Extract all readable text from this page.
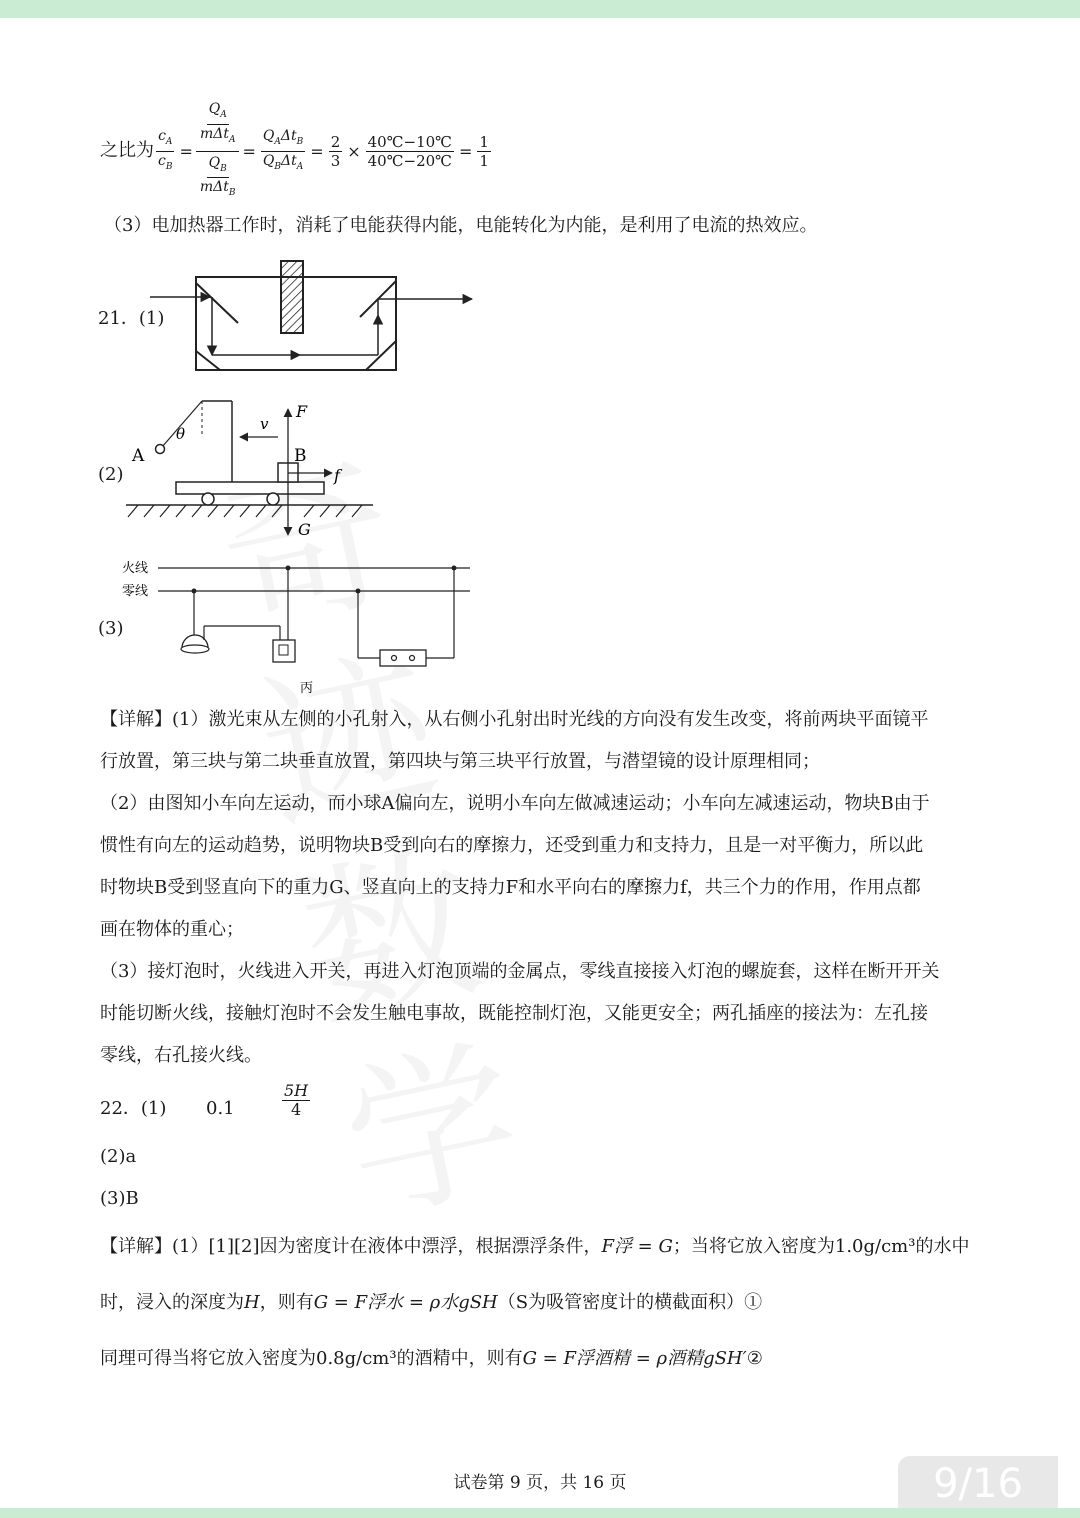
之比为 $\frac{c_A}{c_B}$ =
$\frac{Q_A}{m\Delta t_A}$
$\frac{Q_B}{m\Delta t_B}$
= $\frac{Q_A\Delta t_B}{Q_B\Delta t_A} = \frac{2}{3} \times \frac{40℃-10℃}{40℃-20℃} = \frac{1}{1}$
（3）电加热器工作时，消耗了电能获得内能，电能转化为内能，是利用了电流的热效应。
21．(1)
(2)
A
θ
v
B
F
f
G
(3)
火线
零线
丙
【详解】(1）激光束从左侧的小孔射入，从右侧小孔射出时光线的方向没有发生改变，将前两块平面镜平
行放置，第三块与第二块垂直放置，第四块与第三块平行放置，与潜望镜的设计原理相同；
（2）由图知小车向左运动，而小球A偏向左，说明小车向左做减速运动；小车向左减速运动，物块B由于
惯性有向左的运动趋势，说明物块B受到向右的摩擦力，还受到重力和支持力，且是一对平衡力，所以此
时物块B受到竖直向下的重力G、竖直向上的支持力F和水平向右的摩擦力f，共三个力的作用，作用点都
画在物体的重心；
（3）接灯泡时，火线进入开关，再进入灯泡顶端的金属点，零线直接接入灯泡的螺旋套，这样在断开开关
时能切断火线，接触灯泡时不会发生触电事故，既能控制灯泡，又能更安全；两孔插座的接法为：左孔接
零线，右孔接火线。
22．(1) 0.1	$\frac{5H}{4}$
(2)a
(3)B
【详解】(1）[1][2]因为密度计在液体中漂浮，根据漂浮条件，F浮 = G；当将它放入密度为1.0g/cm³的水中
时，浸入的深度为H，则有G = F浮水 = ρ水gSH（S为吸管密度计的横截面积）①
同理可得当将它放入密度为0.8g/cm³的酒精中，则有G = F浮酒精 = ρ酒精gSH′②
试卷第 9 页，共 16 页	9/16
